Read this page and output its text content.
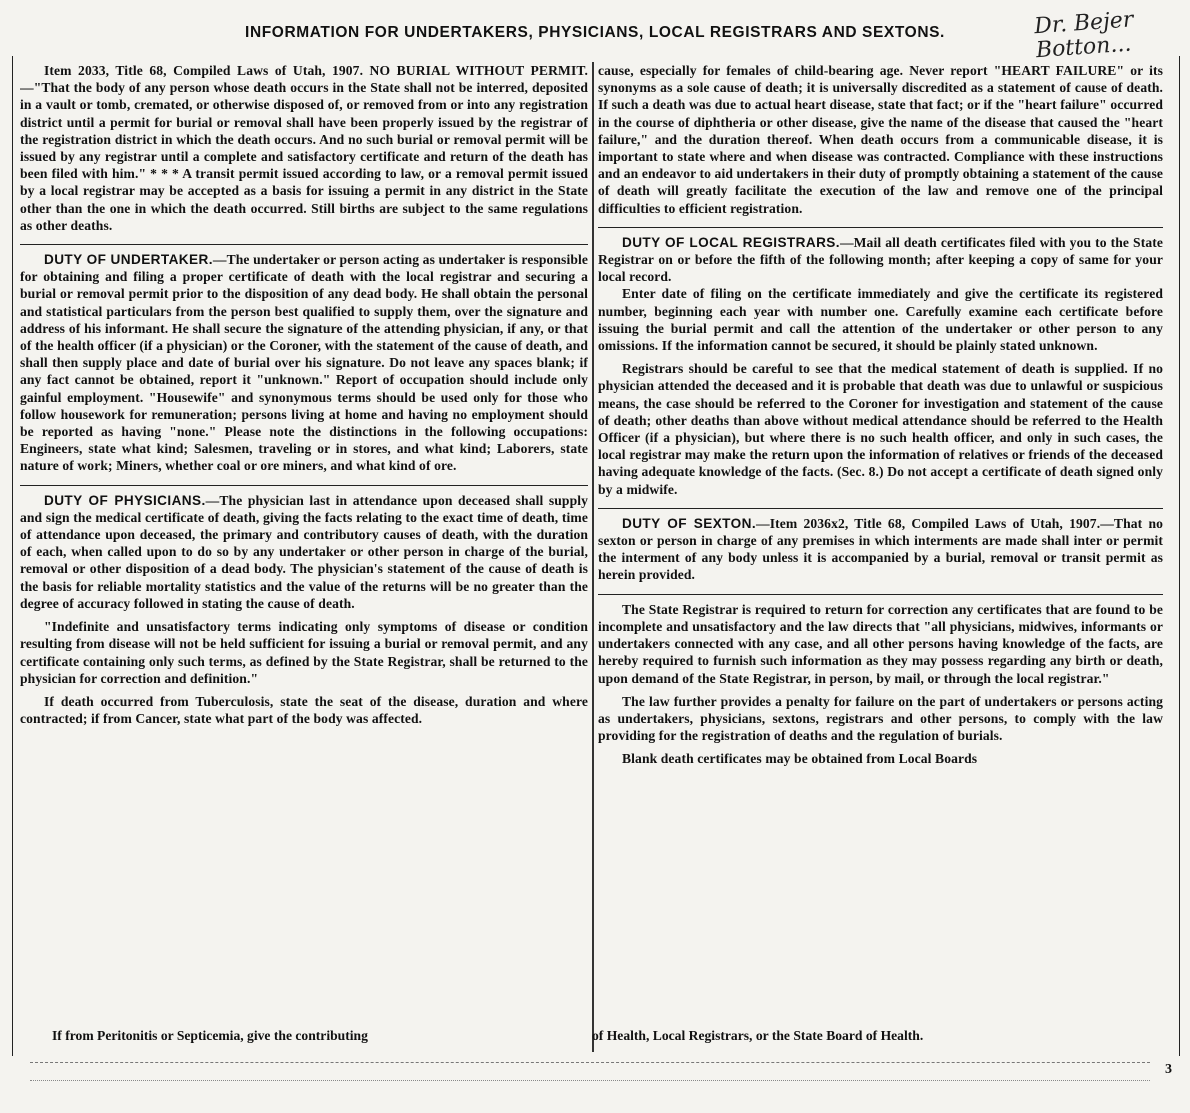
INFORMATION FOR UNDERTAKERS, PHYSICIANS, LOCAL REGISTRARS AND SEXTONS.	Dr. Bejer
Botton...

Item 2033, Title 68, Compiled Laws of Utah, 1907. NO BURIAL WITHOUT PERMIT.—"That the body of any person whose death occurs in the State shall not be interred, deposited in a vault or tomb, cremated, or otherwise disposed of, or removed from or into any registration district until a permit for burial or removal shall have been properly issued by the registrar of the registration district in which the death occurs. And no such burial or removal permit will be issued by any registrar until a complete and satisfactory certificate and return of the death has been filed with him." * * * A transit permit issued according to law, or a removal permit issued by a local registrar may be accepted as a basis for issuing a permit in any district in the State other than the one in which the death occurred. Still births are subject to the same regulations as other deaths.

DUTY OF UNDERTAKER.—The undertaker or person acting as undertaker is responsible for obtaining and filing a proper certificate of death with the local registrar and securing a burial or removal permit prior to the disposition of any dead body. He shall obtain the personal and statistical particulars from the person best qualified to supply them, over the signature and address of his informant. He shall secure the signature of the attending physician, if any, or that of the health officer (if a physician) or the Coroner, with the statement of the cause of death, and shall then supply place and date of burial over his signature. Do not leave any spaces blank; if any fact cannot be obtained, report it "unknown." Report of occupation should include only gainful employment. "Housewife" and synonymous terms should be used only for those who follow housework for remuneration; persons living at home and having no employment should be reported as having "none." Please note the distinctions in the following occupations: Engineers, state what kind; Salesmen, traveling or in stores, and what kind; Laborers, state nature of work; Miners, whether coal or ore miners, and what kind of ore.

DUTY OF PHYSICIANS.—The physician last in attendance upon deceased shall supply and sign the medical certificate of death, giving the facts relating to the exact time of death, time of attendance upon deceased, the primary and contributory causes of death, with the duration of each, when called upon to do so by any undertaker or other person in charge of the burial, removal or other disposition of a dead body. The physician's statement of the cause of death is the basis for reliable mortality statistics and the value of the returns will be no greater than the degree of accuracy followed in stating the cause of death.

"Indefinite and unsatisfactory terms indicating only symptoms of disease or condition resulting from disease will not be held sufficient for issuing a burial or removal permit, and any certificate containing only such terms, as defined by the State Registrar, shall be returned to the physician for correction and definition."

If death occurred from Tuberculosis, state the seat of the disease, duration and where contracted; if from Cancer, state what part of the body was affected.

cause, especially for females of child-bearing age. Never report "HEART FAILURE" or its synonyms as a sole cause of death; it is universally discredited as a statement of cause of death. If such a death was due to actual heart disease, state that fact; or if the "heart failure" occurred in the course of diphtheria or other disease, give the name of the disease that caused the "heart failure," and the duration thereof. When death occurs from a communicable disease, it is important to state where and when disease was contracted. Compliance with these instructions and an endeavor to aid undertakers in their duty of promptly obtaining a statement of the cause of death will greatly facilitate the execution of the law and remove one of the principal difficulties to efficient registration.

DUTY OF LOCAL REGISTRARS.—Mail all death certificates filed with you to the State Registrar on or before the fifth of the following month; after keeping a copy of same for your local record.

Enter date of filing on the certificate immediately and give the certificate its registered number, beginning each year with number one. Carefully examine each certificate before issuing the burial permit and call the attention of the undertaker or other person to any omissions. If the information cannot be secured, it should be plainly stated unknown.

Registrars should be careful to see that the medical statement of death is supplied. If no physician attended the deceased and it is probable that death was due to unlawful or suspicious means, the case should be referred to the Coroner for investigation and statement of the cause of death; other deaths than above without medical attendance should be referred to the Health Officer (if a physician), but where there is no such health officer, and only in such cases, the local registrar may make the return upon the information of relatives or friends of the deceased having adequate knowledge of the facts. (Sec. 8.) Do not accept a certificate of death signed only by a midwife.

DUTY OF SEXTON.—Item 2036x2, Title 68, Compiled Laws of Utah, 1907.—That no sexton or person in charge of any premises in which interments are made shall inter or permit the interment of any body unless it is accompanied by a burial, removal or transit permit as herein provided.

The State Registrar is required to return for correction any certificates that are found to be incomplete and unsatisfactory and the law directs that "all physicians, midwives, informants or undertakers connected with any case, and all other persons having knowledge of the facts, are hereby required to furnish such information as they may possess regarding any birth or death, upon demand of the State Registrar, in person, by mail, or through the local registrar."

The law further provides a penalty for failure on the part of undertakers or persons acting as undertakers, physicians, sextons, registrars and other persons, to comply with the law providing for the registration of deaths and the regulation of burials.

Blank death certificates may be obtained from Local Boards

If from Peritonitis or Septicemia, give the contributing	of Health, Local Registrars, or the State Board of Health.
3
